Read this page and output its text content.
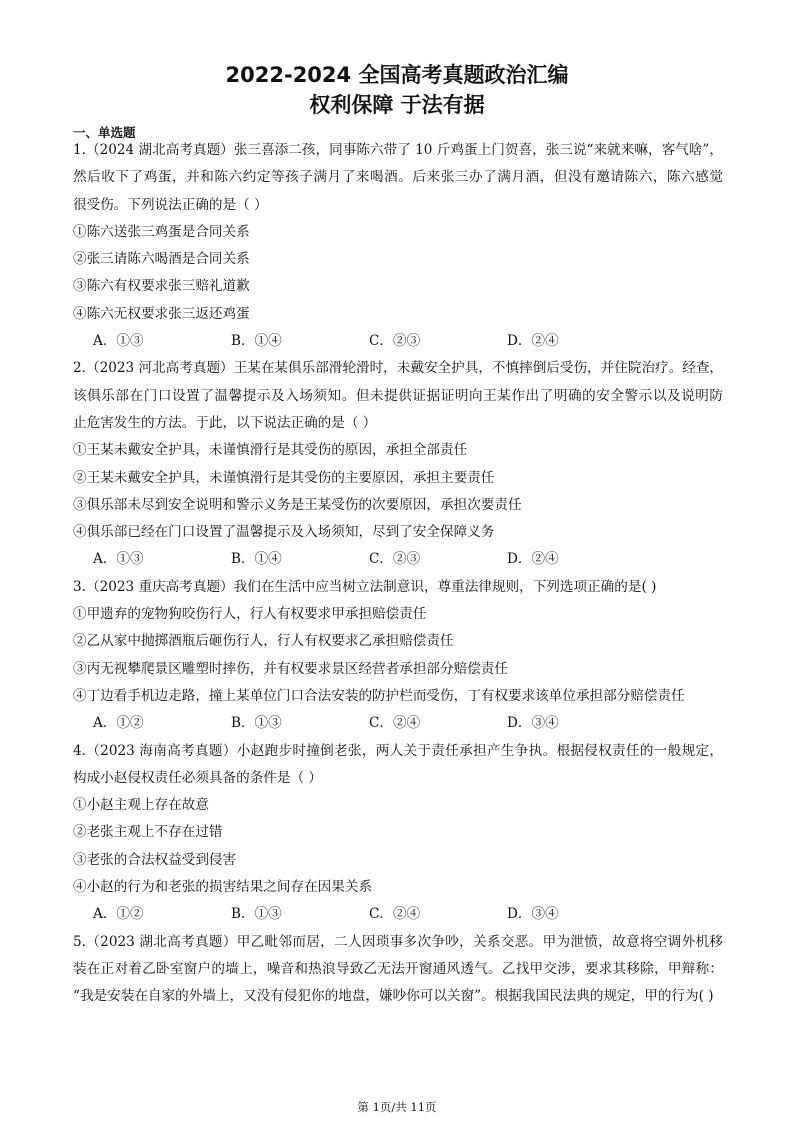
2022-2024 全国高考真题政治汇编
权利保障 于法有据
一、单选题
1.（2024 湖北高考真题）张三喜添二孩，同事陈六带了 10 斤鸡蛋上门贺喜，张三说“来就来嘛，客气啥”，
然后收下了鸡蛋，并和陈六约定等孩子满月了来喝酒。后来张三办了满月酒，但没有邀请陈六，陈六感觉
很受伤。下列说法正确的是（ ）
①陈六送张三鸡蛋是合同关系
②张三请陈六喝酒是合同关系
③陈六有权要求张三赔礼道歉
④陈六无权要求张三返还鸡蛋
A．①③	B．①④	C．②③	D．②④
2.（2023 河北高考真题）王某在某俱乐部滑轮滑时，未戴安全护具，不慎摔倒后受伤，并住院治疗。经查，
该俱乐部在门口设置了温馨提示及入场须知。但未提供证据证明向王某作出了明确的安全警示以及说明防
止危害发生的方法。于此，以下说法正确的是（ ）
①王某未戴安全护具，未谨慎滑行是其受伤的原因，承担全部责任
②王某未戴安全护具，未谨慎滑行是其受伤的主要原因，承担主要责任
③俱乐部未尽到安全说明和警示义务是王某受伤的次要原因，承担次要责任
④俱乐部已经在门口设置了温馨提示及入场须知，尽到了安全保障义务
A．①③	B．①④	C．②③	D．②④
3.（2023 重庆高考真题）我们在生活中应当树立法制意识，尊重法律规则，下列选项正确的是( )
①甲遗弃的宠物狗咬伤行人，行人有权要求甲承担赔偿责任
②乙从家中抛掷酒瓶后砸伤行人，行人有权要求乙承担赔偿责任
③丙无视攀爬景区雕塑时摔伤，并有权要求景区经营者承担部分赔偿责任
④丁边看手机边走路，撞上某单位门口合法安装的防护栏而受伤，丁有权要求该单位承担部分赔偿责任
A．①②	B．①③	C．②④	D．③④
4.（2023 海南高考真题）小赵跑步时撞倒老张，两人关于责任承担产生争执。根据侵权责任的一般规定，
构成小赵侵权责任必须具备的条件是（ ）
①小赵主观上存在故意
②老张主观上不存在过错
③老张的合法权益受到侵害
④小赵的行为和老张的损害结果之间存在因果关系
A．①②	B．①③	C．②④	D．③④
5.（2023 湖北高考真题）甲乙毗邻而居，二人因琐事多次争吵，关系交恶。甲为泄愤，故意将空调外机移
装在正对着乙卧室窗户的墙上，噪音和热浪导致乙无法开窗通风透气。乙找甲交涉，要求其移除，甲辩称：
“我是安装在自家的外墙上，又没有侵犯你的地盘，嫌吵你可以关窗”。根据我国民法典的规定，甲的行为( )
第 1页/共 11页
